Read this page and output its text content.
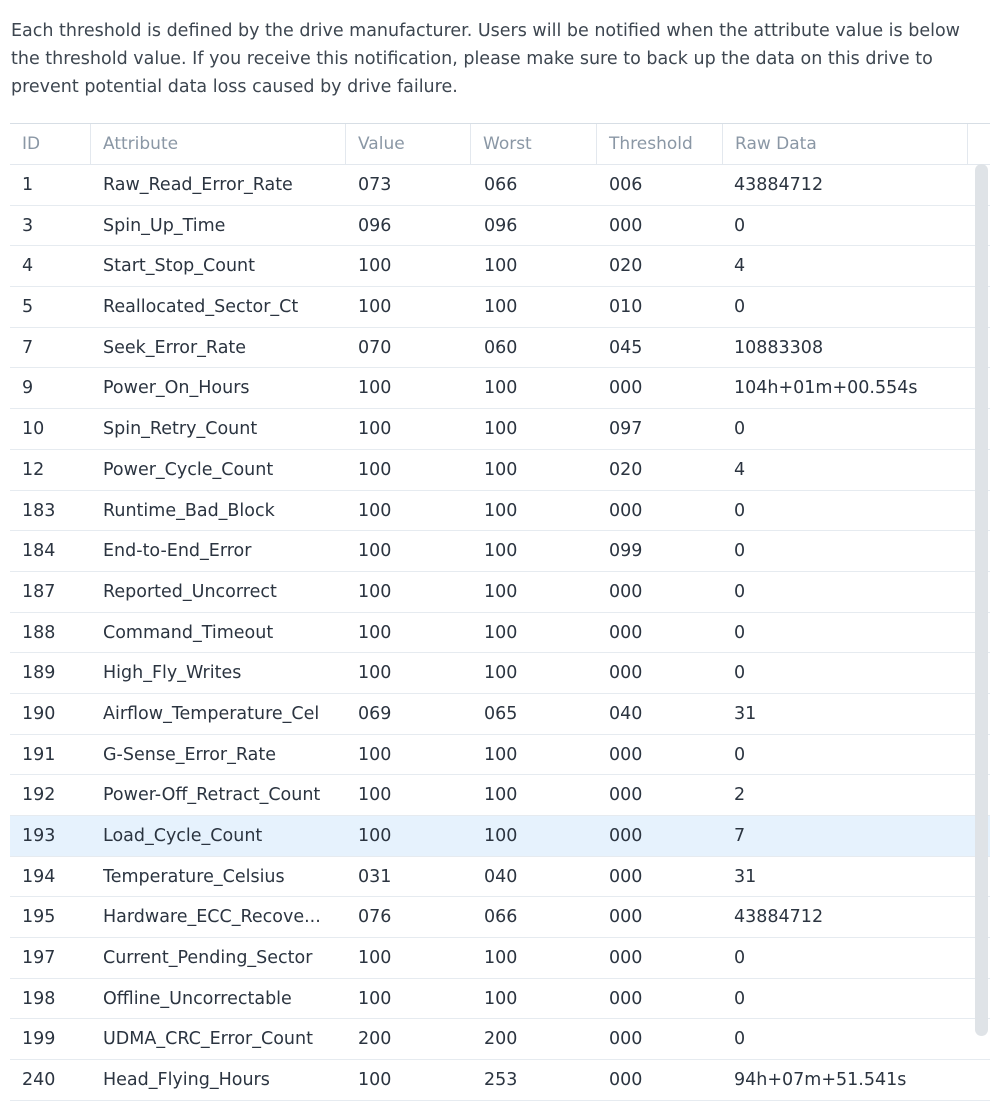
Each threshold is defined by the drive manufacturer. Users will be notified when the attribute value is below the threshold value. If you receive this notification, please make sure to back up the data on this drive to prevent potential data loss caused by drive failure.
ID	Attribute	Value	Worst	Threshold	Raw Data
1	Raw_Read_Error_Rate	073	066	006	43884712
3	Spin_Up_Time	096	096	000	0
4	Start_Stop_Count	100	100	020	4
5	Reallocated_Sector_Ct	100	100	010	0
7	Seek_Error_Rate	070	060	045	10883308
9	Power_On_Hours	100	100	000	104h+01m+00.554s
10	Spin_Retry_Count	100	100	097	0
12	Power_Cycle_Count	100	100	020	4
183	Runtime_Bad_Block	100	100	000	0
184	End-to-End_Error	100	100	099	0
187	Reported_Uncorrect	100	100	000	0
188	Command_Timeout	100	100	000	0
189	High_Fly_Writes	100	100	000	0
190	Airflow_Temperature_Cel	069	065	040	31
191	G-Sense_Error_Rate	100	100	000	0
192	Power-Off_Retract_Count	100	100	000	2
193	Load_Cycle_Count	100	100	000	7
194	Temperature_Celsius	031	040	000	31
195	Hardware_ECC_Recove...	076	066	000	43884712
197	Current_Pending_Sector	100	100	000	0
198	Offline_Uncorrectable	100	100	000	0
199	UDMA_CRC_Error_Count	200	200	000	0
240	Head_Flying_Hours	100	253	000	94h+07m+51.541s
